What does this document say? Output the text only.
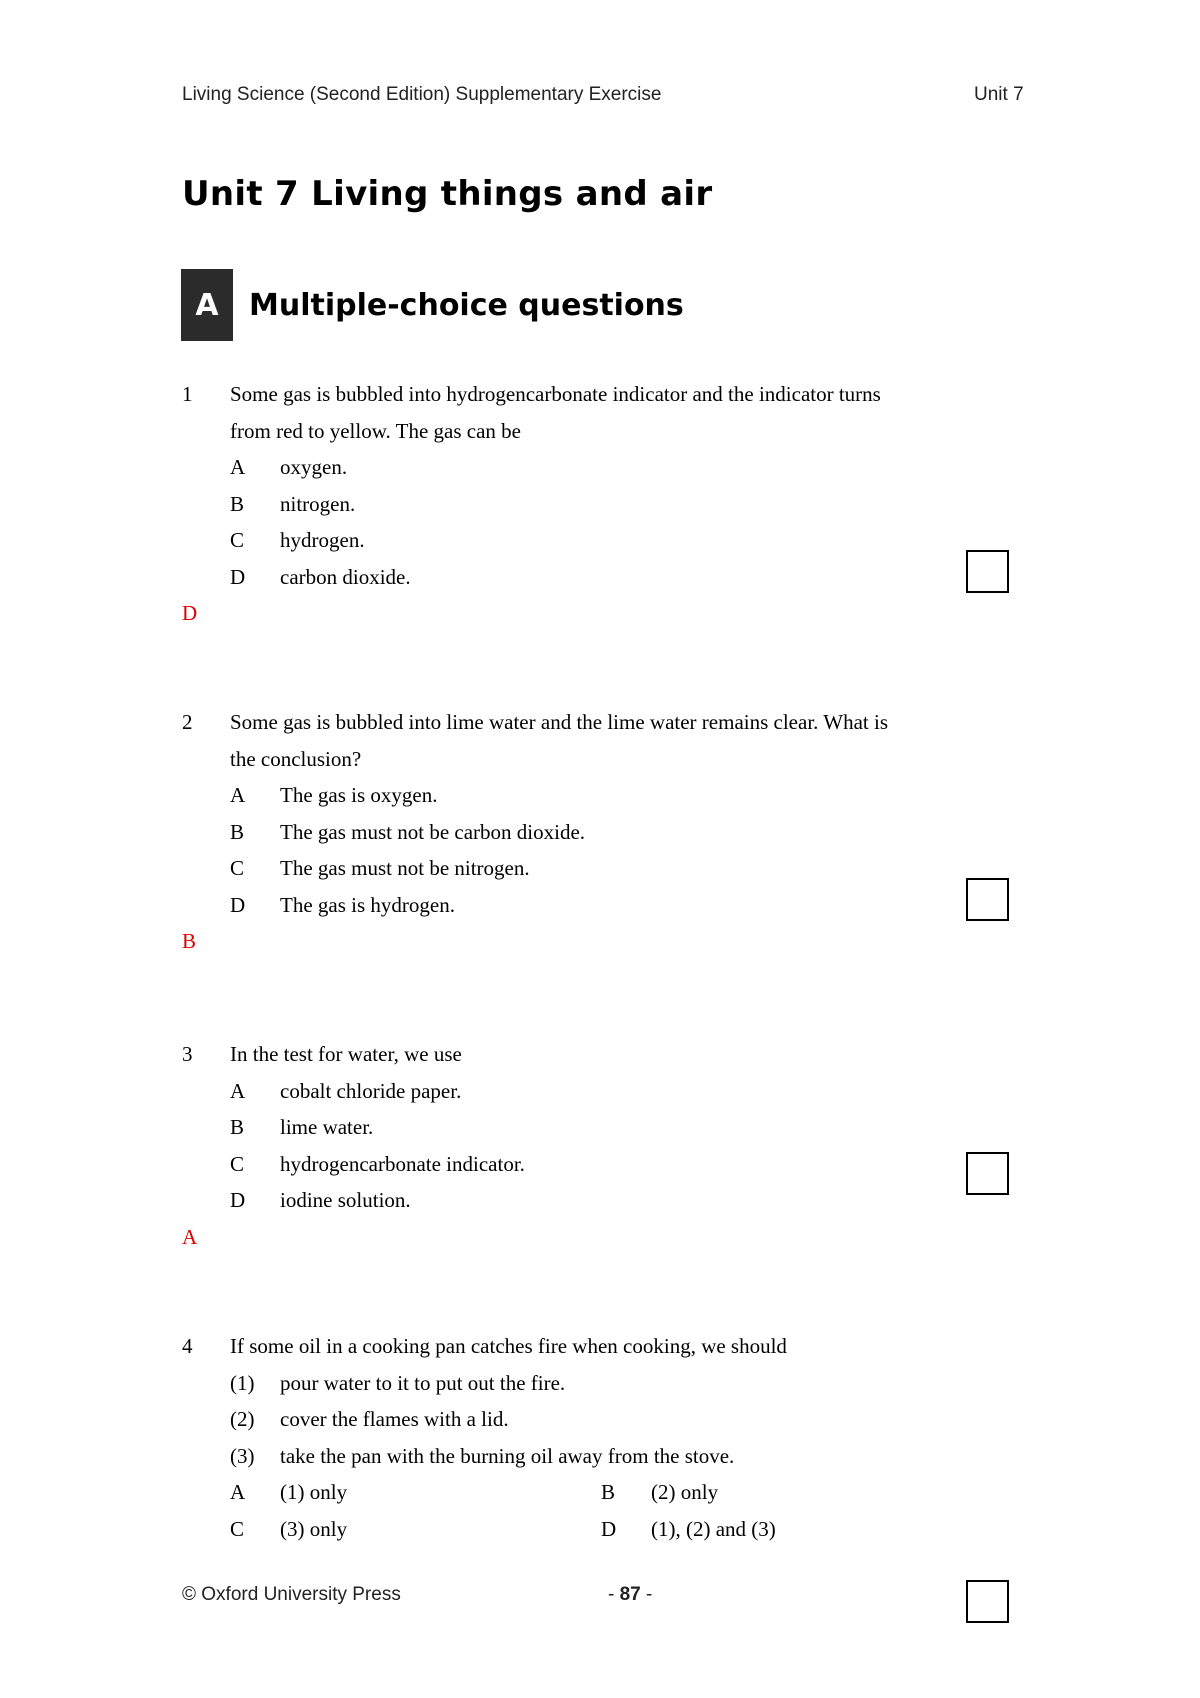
Living Science (Second Edition) Supplementary Exercise	Unit 7
Unit 7 Living things and air
A	Multiple-choice questions
1 Some gas is bubbled into hydrogencarbonate indicator and the indicator turns
from red to yellow. The gas can be
A oxygen.
B nitrogen.
C hydrogen.
D carbon dioxide.
D
2 Some gas is bubbled into lime water and the lime water remains clear. What is
the conclusion?
A The gas is oxygen.
B The gas must not be carbon dioxide.
C The gas must not be nitrogen.
D The gas is hydrogen.
B
3 In the test for water, we use
A cobalt chloride paper.
B lime water.
C hydrogencarbonate indicator.
D iodine solution.
A
4 If some oil in a cooking pan catches fire when cooking, we should
(1) pour water to it to put out the fire.
(2) cover the flames with a lid.
(3) take the pan with the burning oil away from the stove.
A (1) only	B (2) only
C (3) only	D (1), (2) and (3)
© Oxford University Press	- 87 -
